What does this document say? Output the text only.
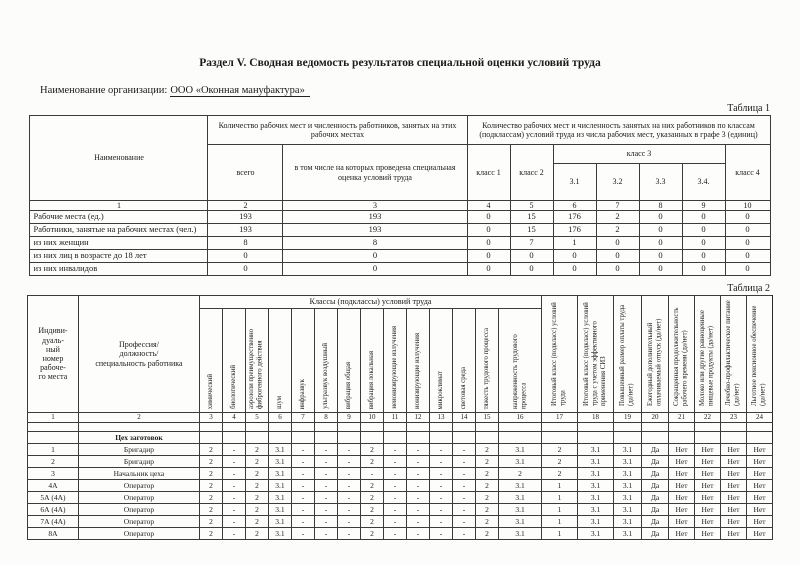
Раздел V. Сводная ведомость результатов специальной оценки условий труда
Наименование организации: ООО «Оконная мануфактура»
Таблица 1
Наименование	Количество рабочих мест и численность работников, занятых на этих рабочих местах		Количество рабочих мест и численность занятых на них работников по классам (подклассам) условий труда из числа рабочих мест, указанных в графе 3 (единиц)						
	всего	в том числе на которых проведена специальная оценка условий труда	класс 1	класс 2	класс 3				класс 4
					3.1	3.2	3.3	3.4.	
1	2	3	4	5	6	7	8	9	10
Рабочие места (ед.)	193	193	0	15	176	2	0	0	0
Работники, занятые на рабочих местах (чел.)	193	193	0	15	176	2	0	0	0
из них женщин	8	8	0	7	1	0	0	0	0
из них лиц в возрасте до 18 лет	0	0	0	0	0	0	0	0	0
из них инвалидов	0	0	0	0	0	0	0	0	0
Таблица 2
Индиви-
дуаль-
ный
номер
рабоче-
го места	Профессия/
должность/
специальность работника	Классы (подклассы) условий труда	
Итоговый класс (подкласс) условий труда	Итоговый класс (подкласс) условий труда с учетом эффективного применения СИЗ	Повышенный размер оплаты труда (да/нет)	Ежегодный дополнительный оплачиваемый отпуск (да/нет)	Сокращенная продолжительность рабочего времени (да/нет)	Молоко или другие равноценные пищевые продукты (да/нет)	Лечебно-профилактическое питание (да/нет)	Льготное пенсионное обеспечение (да/нет)

		химический	биологический	аэрозоли преимущественно фиброгенного действия	шум	инфразвук	ультразвук воздушный	вибрация общая	вибрация локальная	неионизирующие излучения	ионизирующие излучения	микроклимат	световая среда	тяжесть трудового процесса	напряженность трудового процесса									

1	2	3	4	5	6	7	8	9	10	11	12	13	14	15	16	17	18	19	20	21	22	23	24	

	Цех заготовок																							
1	Бригадир	2	-	2	3.1	-	-	-	2	-	-	-	-	2	3.1	2	3.1	3.1	Да	Нет	Нет	Нет	Нет	
2	Бригадир	2	-	2	3.1	-	-	-	2	-	-	-	-	2	3.1	2	3.1	3.1	Да	Нет	Нет	Нет	Нет	
3	Начальник цеха	2	-	2	3.1	-	-	-	-	-	-	-	-	2	2	2	3.1	3.1	Да	Нет	Нет	Нет	Нет	
4А	Оператор	2	-	2	3.1	-	-	-	2	-	-	-	-	2	3.1	1	3.1	3.1	Да	Нет	Нет	Нет	Нет	
5А (4А)	Оператор	2	-	2	3.1	-	-	-	2	-	-	-	-	2	3.1	1	3.1	3.1	Да	Нет	Нет	Нет	Нет	
6А (4А)	Оператор	2	-	2	3.1	-	-	-	2	-	-	-	-	2	3.1	1	3.1	3.1	Да	Нет	Нет	Нет	Нет	
7А (4А)	Оператор	2	-	2	3.1	-	-	-	2	-	-	-	-	2	3.1	1	3.1	3.1	Да	Нет	Нет	Нет	Нет	
8А	Оператор	2	-	2	3.1	-	-	-	2	-	-	-	-	2	3.1	1	3.1	3.1	Да	Нет	Нет	Нет	Нет	
